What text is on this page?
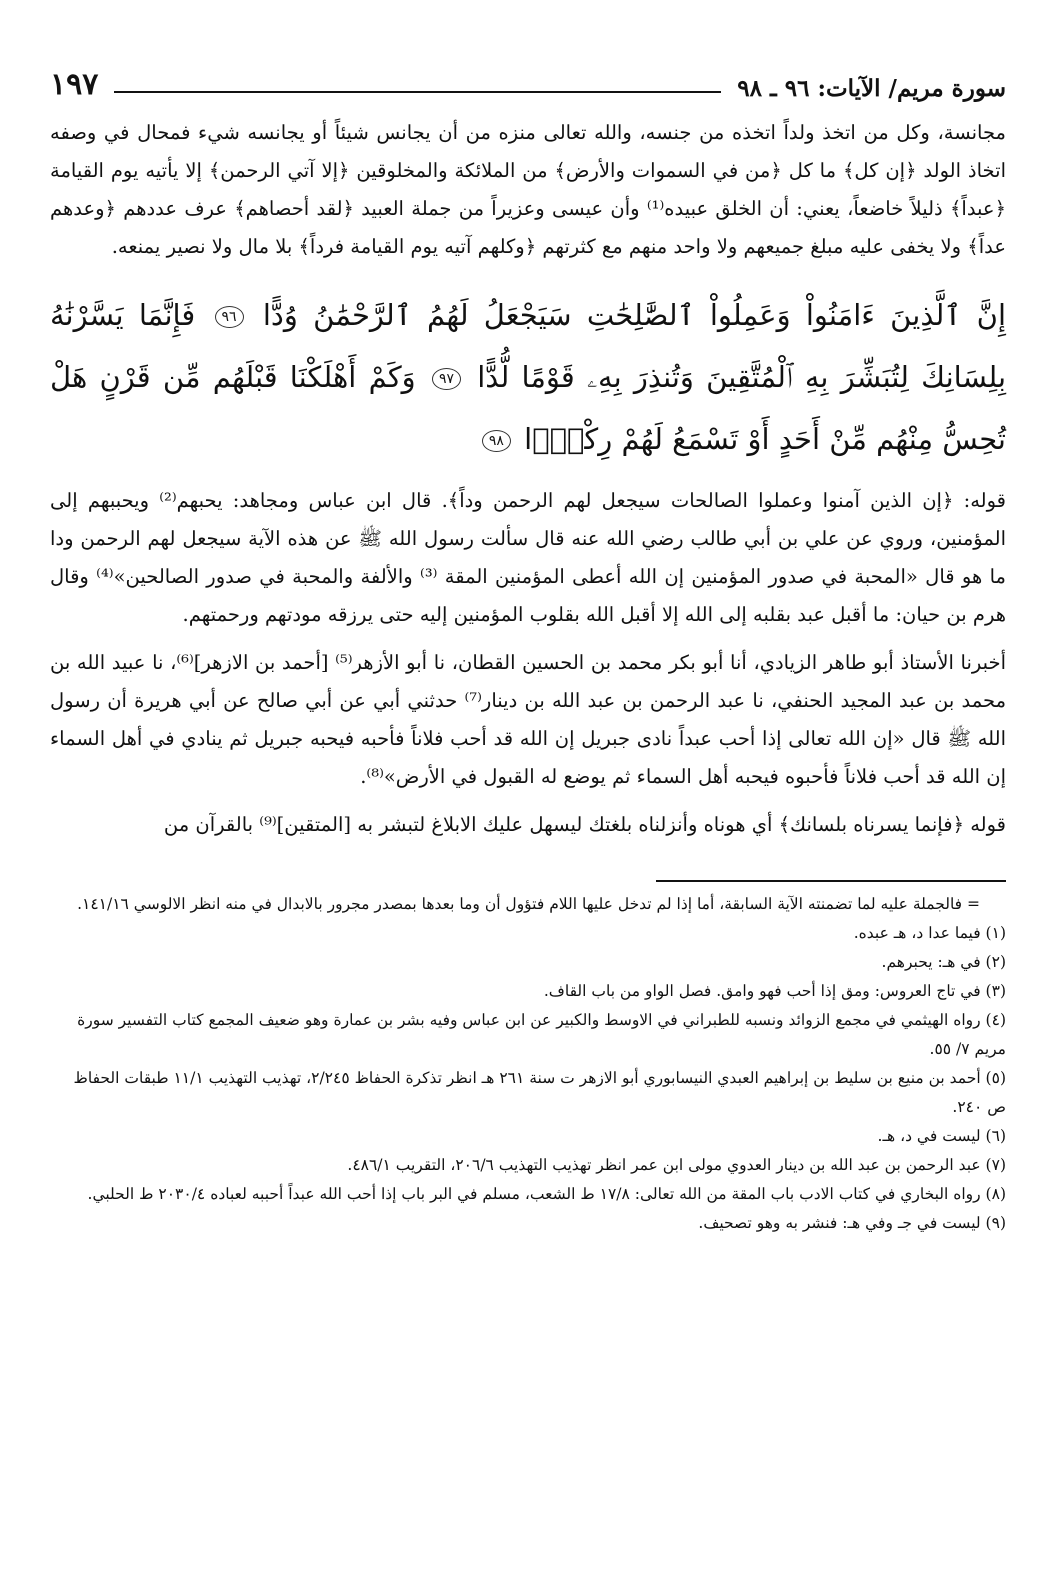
سورة مريم/ الآيات: ٩٦ ـ ٩٨
١٩٧

مجانسة، وكل من اتخذ ولداً اتخذه من جنسه، والله تعالى منزه من أن يجانس شيئاً أو يجانسه شيء فمحال في وصفه اتخاذ الولد ﴿إن كل﴾ ما كل ﴿من في السموات والأرض﴾ من الملائكة والمخلوقين ﴿إلا آتي الرحمن﴾ إلا يأتيه يوم القيامة ﴿عبداً﴾ ذليلاً خاضعاً، يعني: أن الخلق عبيده⁽¹⁾ وأن عيسى وعزيراً من جملة العبيد ﴿لقد أحصاهم﴾ عرف عددهم ﴿وعدهم عداً﴾ ولا يخفى عليه مبلغ جميعهم ولا واحد منهم مع كثرتهم ﴿وكلهم آتيه يوم القيامة فرداً﴾ بلا مال ولا نصير يمنعه.

إِنَّ ٱلَّذِينَ ءَامَنُواْ وَعَمِلُواْ ٱلصَّٰلِحَٰتِ سَيَجْعَلُ لَهُمُ ٱلرَّحْمَٰنُ وُدًّا ٩٦ فَإِنَّمَا يَسَّرْنَٰهُ بِلِسَانِكَ لِتُبَشِّرَ بِهِ ٱلْمُتَّقِينَ وَتُنذِرَ بِهِۦ قَوْمًا لُّدًّا ٩٧ وَكَمْ أَهْلَكْنَا قَبْلَهُم مِّن قَرْنٍ هَلْ تُحِسُّ مِنْهُم مِّنْ أَحَدٍ أَوْ تَسْمَعُ لَهُمْ رِكْزًۢا ٩٨

قوله: ﴿إن الذين آمنوا وعملوا الصالحات سيجعل لهم الرحمن وداً﴾. قال ابن عباس ومجاهد: يحبهم⁽²⁾ ويحببهم إلى المؤمنين، وروي عن علي بن أبي طالب رضي الله عنه قال سألت رسول الله ﷺ عن هذه الآية سيجعل لهم الرحمن ودا ما هو قال «المحبة في صدور المؤمنين إن الله أعطى المؤمنين المقة ⁽³⁾ والألفة والمحبة في صدور الصالحين»⁽⁴⁾ وقال هرم بن حيان: ما أقبل عبد بقلبه إلى الله إلا أقبل الله بقلوب المؤمنين إليه حتى يرزقه مودتهم ورحمتهم.

أخبرنا الأستاذ أبو طاهر الزيادي، أنا أبو بكر محمد بن الحسين القطان، نا أبو الأزهر⁽⁵⁾ [أحمد بن الازهر]⁽⁶⁾، نا عبيد الله بن محمد بن عبد المجيد الحنفي، نا عبد الرحمن بن عبد الله بن دينار⁽⁷⁾ حدثني أبي عن أبي صالح عن أبي هريرة أن رسول الله ﷺ قال «إن الله تعالى إذا أحب عبداً نادى جبريل إن الله قد أحب فلاناً فأحبه فيحبه جبريل ثم ينادي في أهل السماء إن الله قد أحب فلاناً فأحبوه فيحبه أهل السماء ثم يوضع له القبول في الأرض»⁽⁸⁾.

قوله ﴿فإنما يسرناه بلسانك﴾ أي هوناه وأنزلناه بلغتك ليسهل عليك الابلاغ لتبشر به [المتقين]⁽⁹⁾ بالقرآن من

= فالجملة عليه لما تضمنته الآية السابقة، أما إذا لم تدخل عليها اللام فتؤول أن وما بعدها بمصدر مجرور بالابدال في منه انظر الالوسي ١٤١/١٦.

(١) فيما عدا د، هـ عبده.

(٢) في هـ: يحبرهم.

(٣) في تاج العروس: ومق إذا أحب فهو وامق. فصل الواو من باب القاف.

(٤) رواه الهيثمي في مجمع الزوائد ونسبه للطبراني في الاوسط والكبير عن ابن عباس وفيه بشر بن عمارة وهو ضعيف المجمع كتاب التفسير سورة مريم ٧/ ٥٥.

(٥) أحمد بن منيع بن سليط بن إبراهيم العبدي النيسابوري أبو الازهر ت سنة ٢٦١ هـ انظر تذكرة الحفاظ ٢/٢٤٥، تهذيب التهذيب ١١/١ طبقات الحفاظ ص ٢٤٠.

(٦) ليست في د، هـ.

(٧) عبد الرحمن بن عبد الله بن دينار العدوي مولى ابن عمر انظر تهذيب التهذيب ٢٠٦/٦، التقريب ٤٨٦/١.

(٨) رواه البخاري في كتاب الادب باب المقة من الله تعالى: ١٧/٨ ط الشعب، مسلم في البر باب إذا أحب الله عبداً أحببه لعباده ٢٠٣٠/٤ ط الحلبي.

(٩) ليست في جـ وفي هـ: فنشر به وهو تصحيف.
